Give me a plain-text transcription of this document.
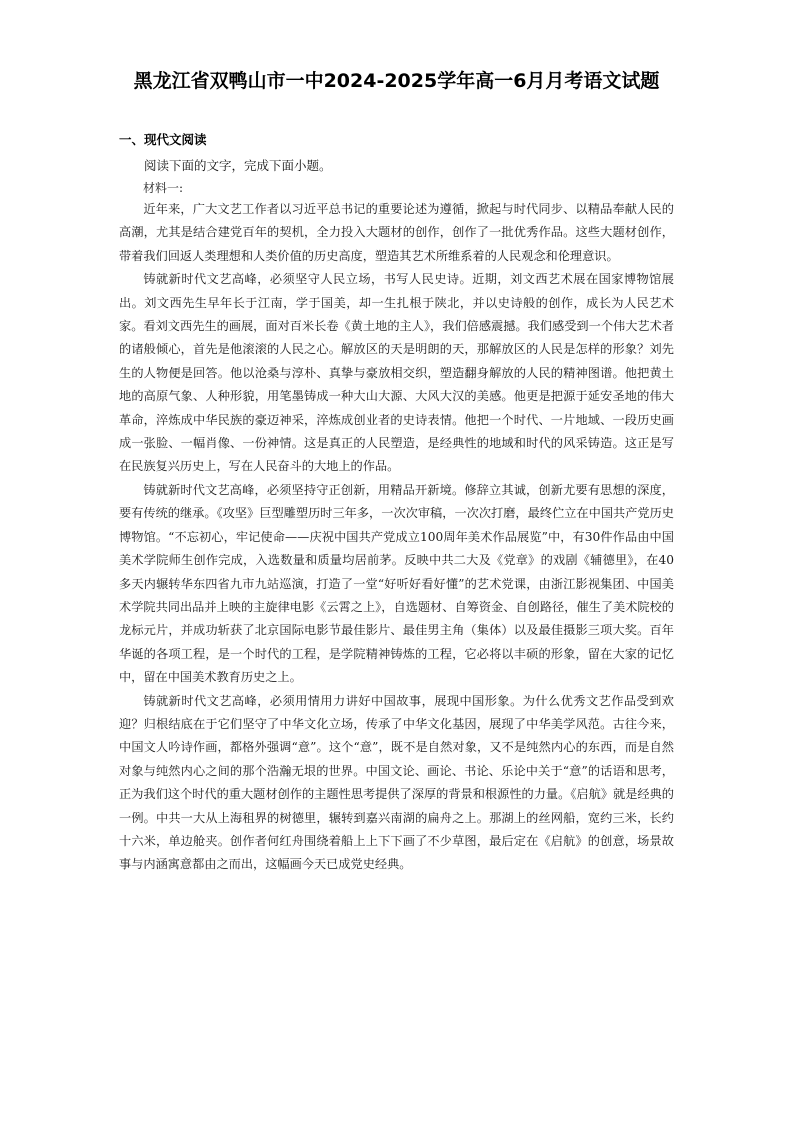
黑龙江省双鸭山市一中2024-2025学年高一6月月考语文试题
一、现代文阅读

阅读下面的文字，完成下面小题。

材料一:

近年来，广大文艺工作者以习近平总书记的重要论述为遵循，掀起与时代同步、以精品奉献人民的高潮，尤其是结合建党百年的契机，全力投入大题材的创作，创作了一批优秀作品。这些大题材创作，带着我们回返人类理想和人类价值的历史高度，塑造其艺术所维系着的人民观念和伦理意识。

铸就新时代文艺高峰，必须坚守人民立场，书写人民史诗。近期，刘文西艺术展在国家博物馆展出。刘文西先生早年长于江南，学于国美，却一生扎根于陕北，并以史诗般的创作，成长为人民艺术家。看刘文西先生的画展，面对百米长卷《黄土地的主人》，我们倍感震撼。我们感受到一个伟大艺术者的诸般倾心，首先是他滚滚的人民之心。解放区的天是明朗的天，那解放区的人民是怎样的形象？刘先生的人物便是回答。他以沧桑与淳朴、真挚与豪放相交织，塑造翻身解放的人民的精神图谱。他把黄土地的高原气象、人种形貌，用笔墨铸成一种大山大源、大风大汉的美感。他更是把源于延安圣地的伟大革命，淬炼成中华民族的豪迈神采，淬炼成创业者的史诗表情。他把一个时代、一片地域、一段历史画成一张脸、一幅肖像、一份神情。这是真正的人民塑造，是经典性的地域和时代的风采铸造。这正是写在民族复兴历史上，写在人民奋斗的大地上的作品。

铸就新时代文艺高峰，必须坚持守正创新，用精品开新境。修辞立其诚，创新尤要有思想的深度，要有传统的继承。《攻坚》巨型雕塑历时三年多，一次次审稿，一次次打磨，最终伫立在中国共产党历史博物馆。“不忘初心，牢记使命——庆祝中国共产党成立100周年美术作品展览”中，有30件作品由中国美术学院师生创作完成，入选数量和质量均居前茅。反映中共二大及《党章》的戏剧《辅德里》，在40多天内辗转华东四省九市九站巡演，打造了一堂“好听好看好懂”的艺术党课，由浙江影视集团、中国美术学院共同出品并上映的主旋律电影《云霄之上》，自选题材、自筹资金、自创路径，催生了美术院校的龙标元片，并成功斩获了北京国际电影节最佳影片、最佳男主角（集体）以及最佳摄影三项大奖。百年华诞的各项工程，是一个时代的工程，是学院精神铸炼的工程，它必将以丰硕的形象，留在大家的记忆中，留在中国美术教育历史之上。

铸就新时代文艺高峰，必须用情用力讲好中国故事，展现中国形象。为什么优秀文艺作品受到欢迎？归根结底在于它们坚守了中华文化立场，传承了中华文化基因，展现了中华美学风范。古往今来，中国文人吟诗作画，都格外强调“意”。这个“意”，既不是自然对象，又不是纯然内心的东西，而是自然对象与纯然内心之间的那个浩瀚无垠的世界。中国文论、画论、书论、乐论中关于“意”的话语和思考，正为我们这个时代的重大题材创作的主题性思考提供了深厚的背景和根源性的力量。《启航》就是经典的一例。中共一大从上海租界的树德里，辗转到嘉兴南湖的扁舟之上。那湖上的丝网船，宽约三米，长约十六米，单边舱夹。创作者何红舟围绕着船上上下下画了不少草图，最后定在《启航》的创意，场景故事与内涵寓意都由之而出，这幅画今天已成党史经典。
